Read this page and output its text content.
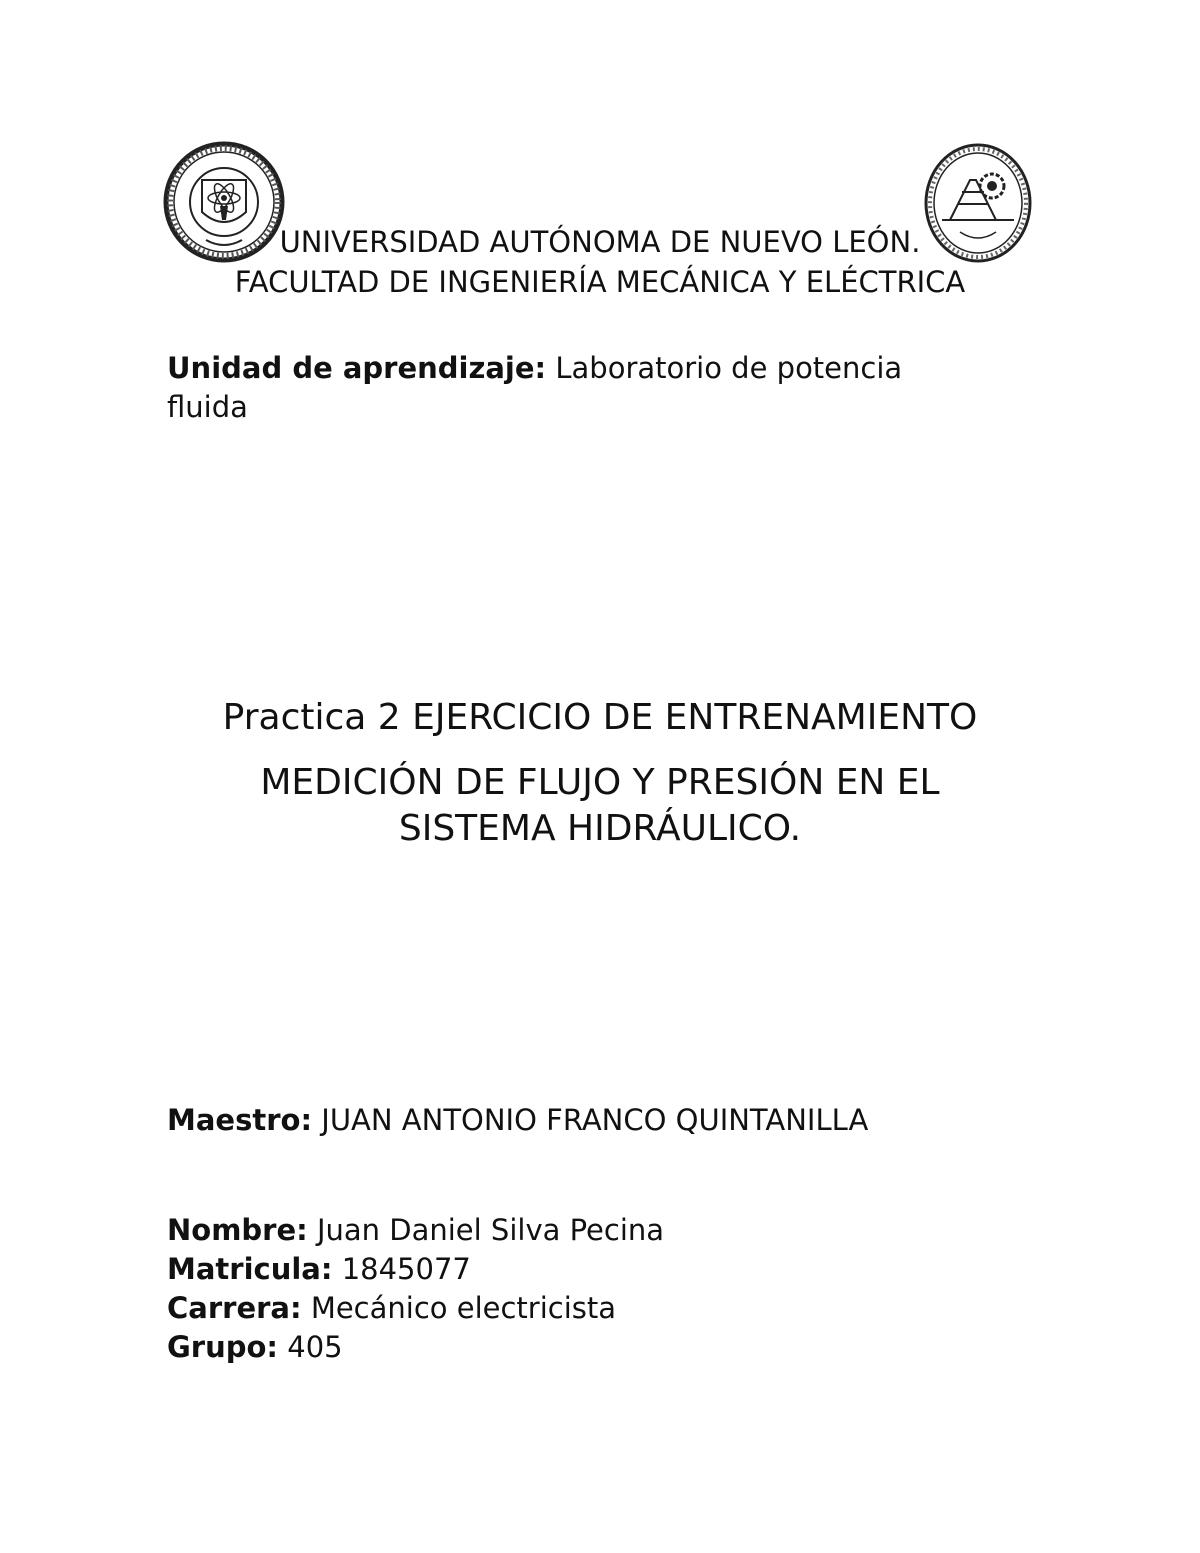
UNIVERSIDAD AUTÓNOMA DE NUEVO LEÓN.
FACULTAD DE INGENIERÍA MECÁNICA Y ELÉCTRICA
Unidad de aprendizaje: Laboratorio de potencia fluida
Practica 2 EJERCICIO DE ENTRENAMIENTO
MEDICIÓN DE FLUJO Y PRESIÓN EN EL
SISTEMA HIDRÁULICO.
Maestro: JUAN ANTONIO FRANCO QUINTANILLA
Nombre: Juan Daniel Silva Pecina
Matricula: 1845077
Carrera: Mecánico electricista
Grupo: 405
